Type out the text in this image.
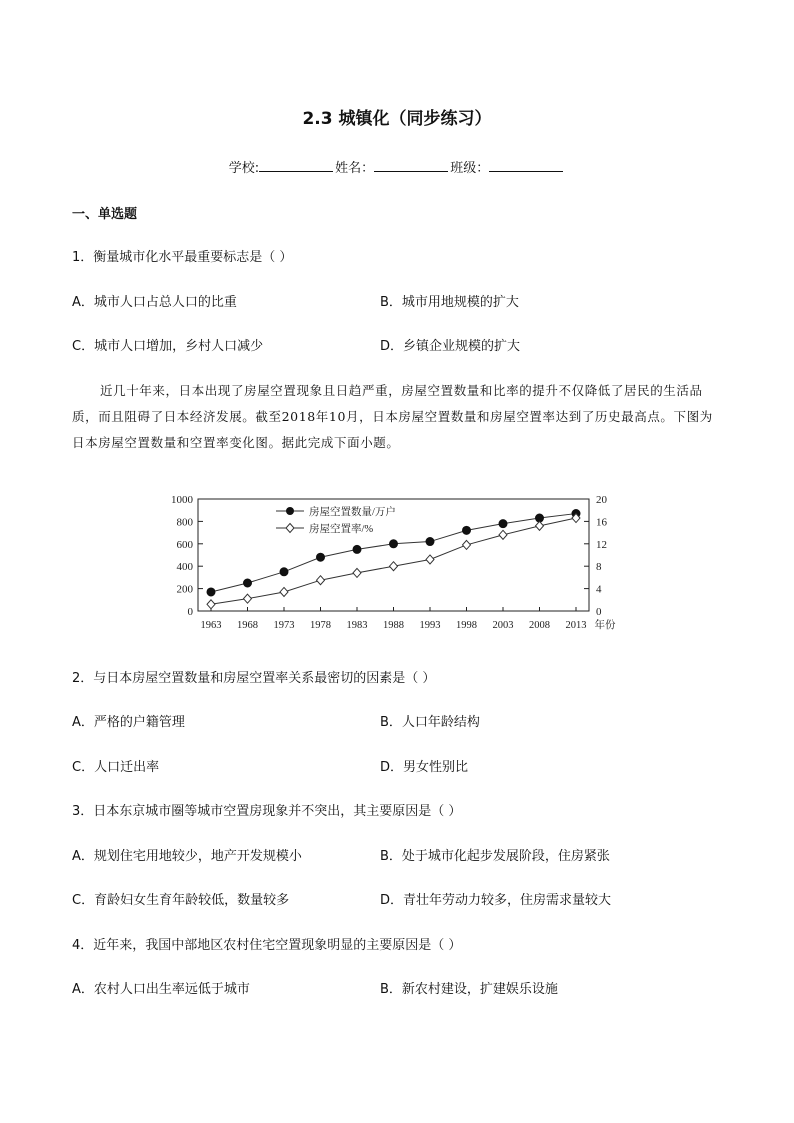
2.3 城镇化（同步练习）
学校:	姓名：	班级：
一、单选题
1．衡量城市化水平最重要标志是（ ）
A．城市人口占总人口的比重	B．城市用地规模的扩大
C．城市人口增加，乡村人口减少	D．乡镇企业规模的扩大
近几十年来，日本出现了房屋空置现象且日趋严重，房屋空置数量和比率的提升不仅降低了居民的生活品质，而且阻碍了日本经济发展。截至2018年10月，日本房屋空置数量和房屋空置率达到了历史最高点。下图为日本房屋空置数量和空置率变化图。据此完成下面小题。
0
200
400
600
800
1000
0
4
8
12
16
20
1963 1968 1973 1978 1983 1988 1993 1998 2003 2008 2013 年份
房屋空置数量/万户
房屋空置率/%
2．与日本房屋空置数量和房屋空置率关系最密切的因素是（ ）
A．严格的户籍管理	B．人口年龄结构
C．人口迁出率	D．男女性别比
3．日本东京城市圈等城市空置房现象并不突出，其主要原因是（ ）
A．规划住宅用地较少，地产开发规模小	B．处于城市化起步发展阶段，住房紧张
C．育龄妇女生育年龄较低，数量较多	D．青壮年劳动力较多，住房需求量较大
4．近年来，我国中部地区农村住宅空置现象明显的主要原因是（ ）
A．农村人口出生率远低于城市	B．新农村建设，扩建娱乐设施
